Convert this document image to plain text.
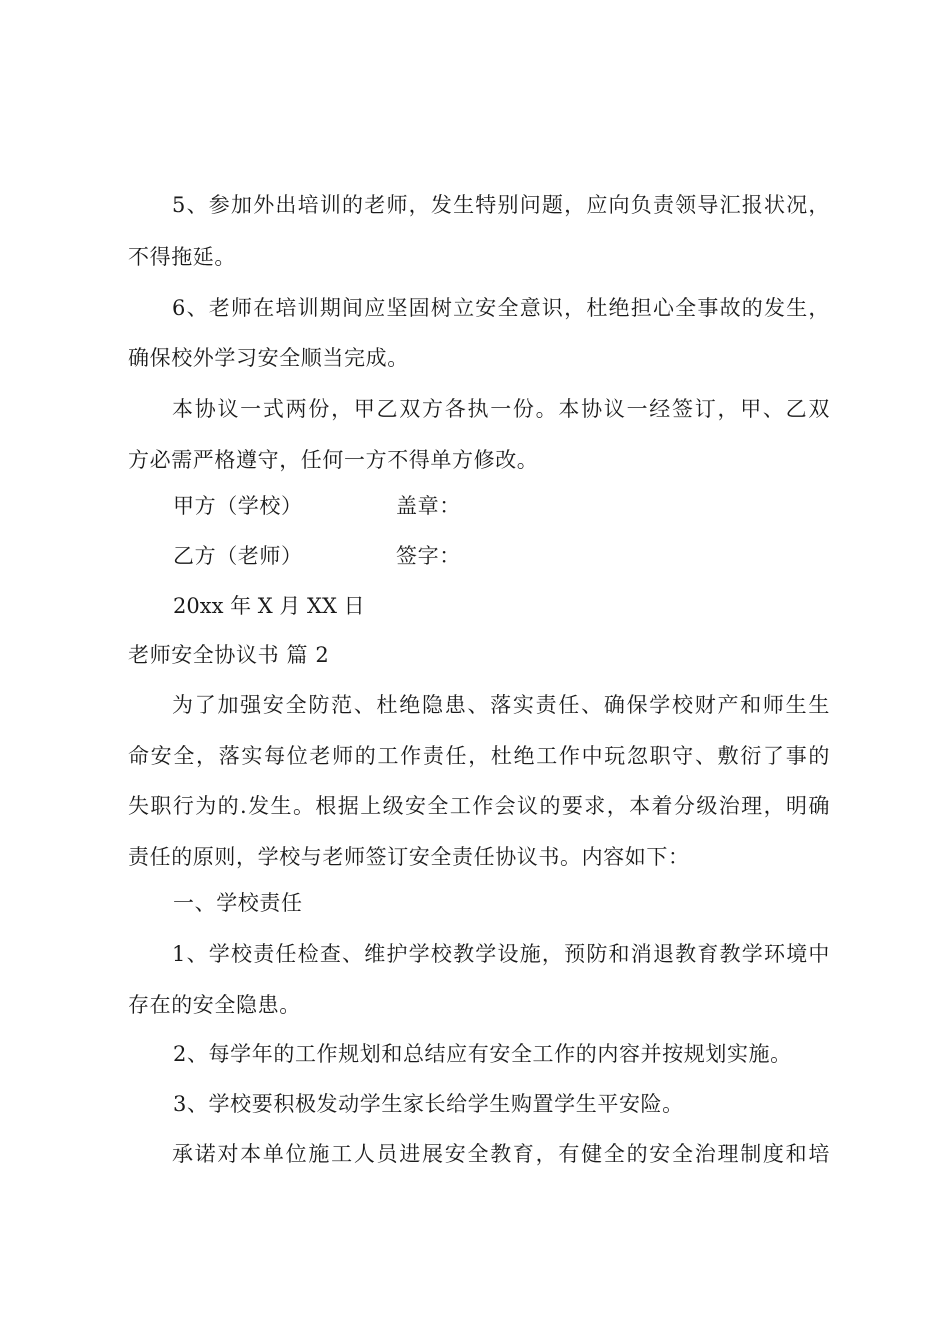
5、参加外出培训的老师，发生特别问题，应向负责领导汇报状况，
不得拖延。
6、老师在培训期间应坚固树立安全意识，杜绝担心全事故的发生，
确保校外学习安全顺当完成。
本协议一式两份，甲乙双方各执一份。本协议一经签订，甲、乙双
方必需严格遵守，任何一方不得单方修改。
甲方（学校）	盖章：
乙方（老师）	签字：
20xx 年 X 月 XX 日
老师安全协议书 篇 2
为了加强安全防范、杜绝隐患、落实责任、确保学校财产和师生生
命安全，落实每位老师的工作责任，杜绝工作中玩忽职守、敷衍了事的
失职行为的.发生。根据上级安全工作会议的要求，本着分级治理，明确
责任的原则，学校与老师签订安全责任协议书。内容如下：
一、学校责任
1、学校责任检查、维护学校教学设施，预防和消退教育教学环境中
存在的安全隐患。
2、每学年的工作规划和总结应有安全工作的内容并按规划实施。
3、学校要积极发动学生家长给学生购置学生平安险。
承诺对本单位施工人员进展安全教育，有健全的安全治理制度和培
